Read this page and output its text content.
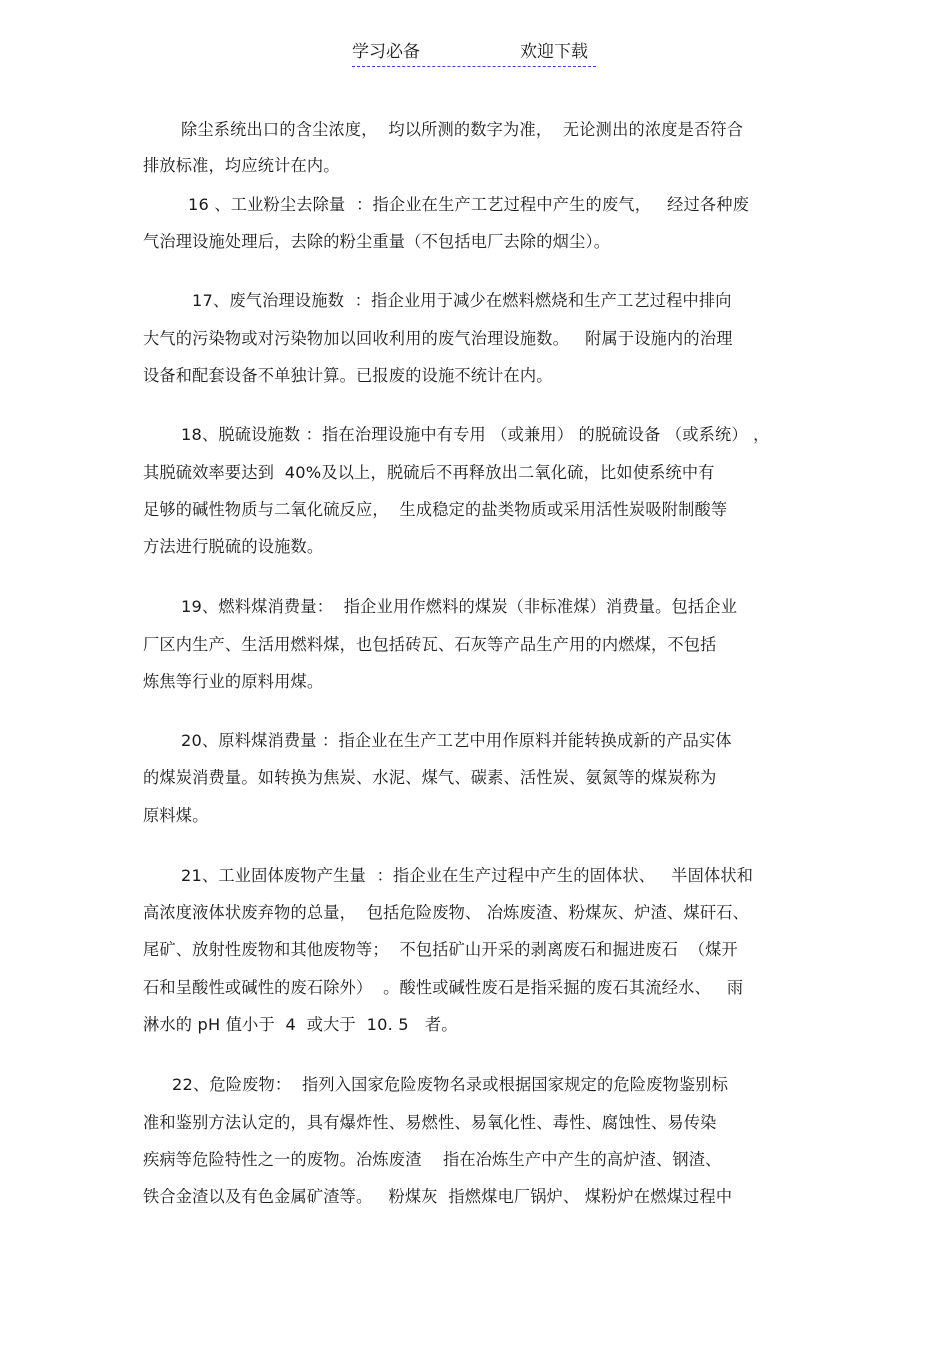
学习必备	欢迎下载
除尘系统出口的含尘浓度，  均以所测的数字为准，  无论测出的浓度是否符合
排放标准，均应统计在内。
16 、工业粉尘去除量  ：指企业在生产工艺过程中产生的废气，   经过各种废
气治理设施处理后，去除的粉尘重量（不包括电厂去除的烟尘）。
17、废气治理设施数  ：指企业用于减少在燃料燃烧和生产工艺过程中排向
大气的污染物或对污染物加以回收利用的废气治理设施数。   附属于设施内的治理
设备和配套设备不单独计算。已报废的设施不统计在内。
18、脱硫设施数 ：指在治理设施中有专用 （或兼用） 的脱硫设备 （或系统） ，
其脱硫效率要达到  40%及以上，脱硫后不再释放出二氧化硫，比如使系统中有
足够的碱性物质与二氧化硫反应，  生成稳定的盐类物质或采用活性炭吸附制酸等
方法进行脱硫的设施数。
19、燃料煤消费量：  指企业用作燃料的煤炭（非标准煤）消费量。包括企业
厂区内生产、生活用燃料煤，也包括砖瓦、石灰等产品生产用的内燃煤，不包括
炼焦等行业的原料用煤。
20、原料煤消费量 ：指企业在生产工艺中用作原料并能转换成新的产品实体
的煤炭消费量。如转换为焦炭、水泥、煤气、碳素、活性炭、氨氮等的煤炭称为
原料煤。
21、工业固体废物产生量  ：指企业在生产过程中产生的固体状、   半固体状和
高浓度液体状废弃物的总量，  包括危险废物、 冶炼废渣、粉煤灰、炉渣、煤矸石、
尾矿、放射性废物和其他废物等；  不包括矿山开采的剥离废石和掘进废石  （煤开
石和呈酸性或碱性的废石除外）  。酸性或碱性废石是指采掘的废石其流经水、   雨
淋水的 pH 值小于  4  或大于  10. 5   者。
22、危险废物：  指列入国家危险废物名录或根据国家规定的危险废物鉴别标
准和鉴别方法认定的，具有爆炸性、易燃性、易氧化性、毒性、腐蚀性、易传染
疾病等危险特性之一的废物。冶炼废渣    指在冶炼生产中产生的高炉渣、钢渣、
铁合金渣以及有色金属矿渣等。   粉煤灰  指燃煤电厂锅炉、 煤粉炉在燃煤过程中
